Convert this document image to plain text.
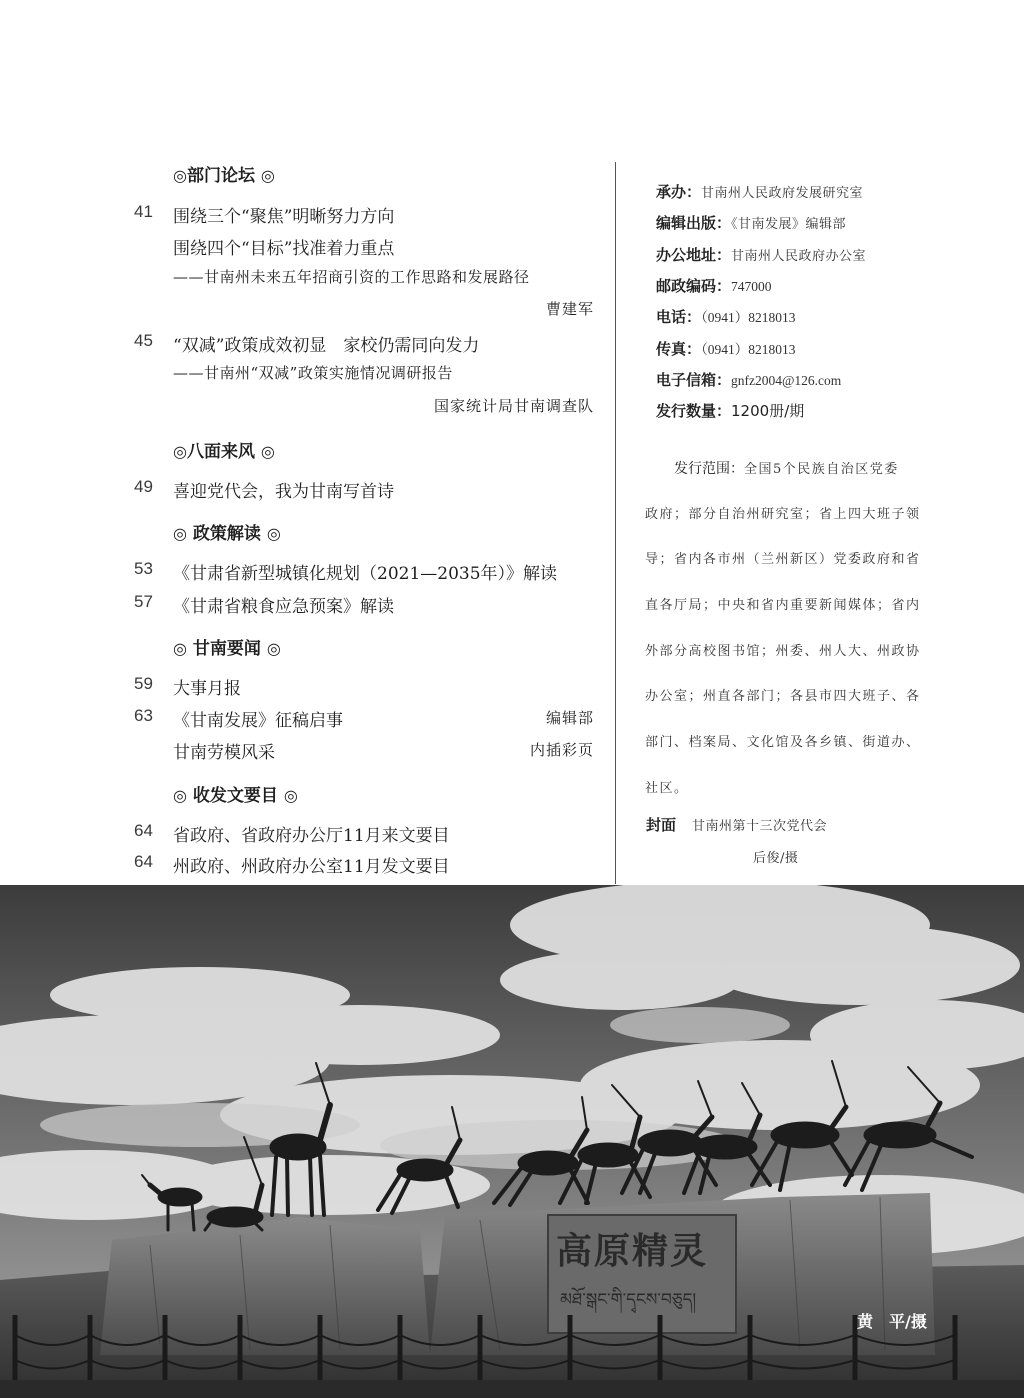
◎部门论坛 ◎
41 围绕三个“聚焦”明晰努力方向
围绕四个“目标”找准着力重点
——甘南州未来五年招商引资的工作思路和发展路径
曹建军
45 “双减”政策成效初显　家校仍需同向发力
——甘南州“双减”政策实施情况调研报告
国家统计局甘南调查队
◎八面来风 ◎
49 喜迎党代会，我为甘南写首诗
◎ 政策解读 ◎
53 《甘肃省新型城镇化规划（2021—2035年）》解读
57 《甘肃省粮食应急预案》解读
◎ 甘南要闻 ◎
59 大事月报
63 《甘南发展》征稿启事	编辑部
甘南劳模风采	内插彩页
◎ 收发文要目 ◎
64 省政府、省政府办公厅11月来文要目
64 州政府、州政府办公室11月发文要目
承办：甘南州人民政府发展研究室
编辑出版：《甘南发展》编辑部
办公地址：甘南州人民政府办公室
邮政编码：747000
电话：（0941）8218013
传真：（0941）8218013
电子信箱：gnfz2004@126.com
发行数量：1200册/期
发行范围：全国5个民族自治区党委
政府；部分自治州研究室；省上四大班子领
导；省内各市州（兰州新区）党委政府和省
直各厅局；中央和省内重要新闻媒体；省内
外部分高校图书馆；州委、州人大、州政协
办公室；州直各部门；各县市四大班子、各
部门、档案局、文化馆及各乡镇、街道办、
社区。
封面 甘南州第十三次党代会
后俊/摄
高原精灵
མཐོ་སྒང་གི་དྭངས་བཅུད།
黄　平/摄
